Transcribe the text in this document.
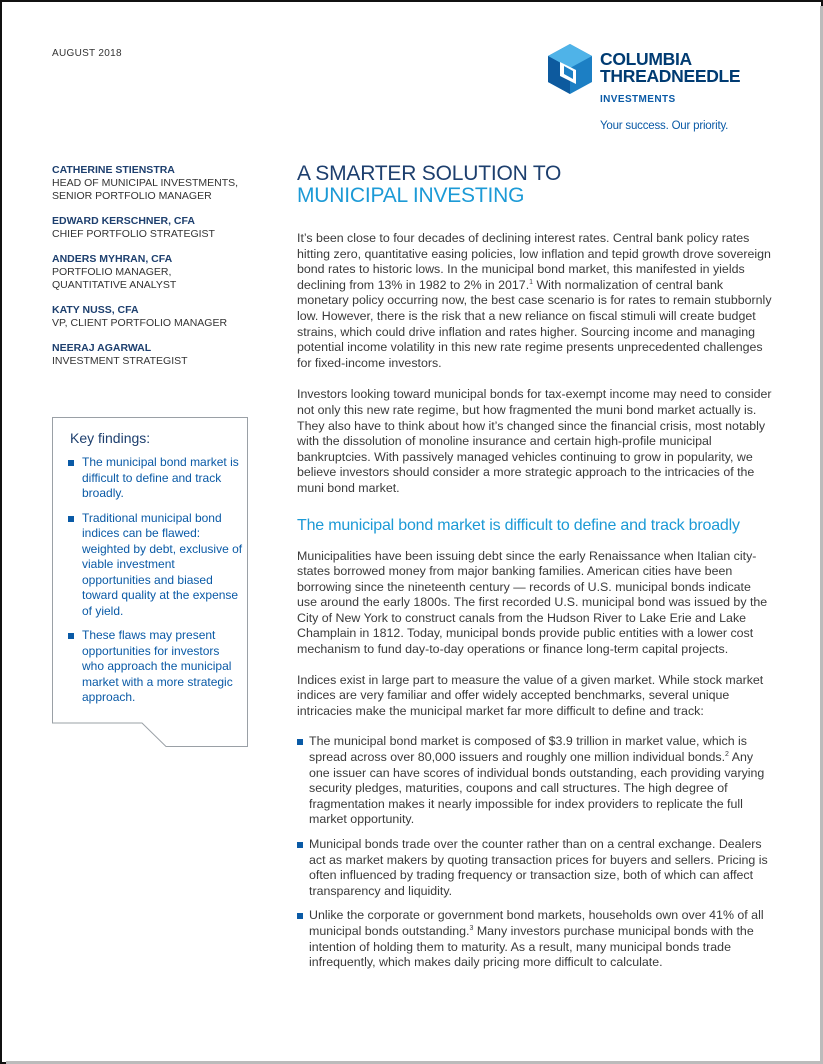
AUGUST 2018	COLUMBIA
THREADNEEDLE
INVESTMENTS
Your success. Our priority.
CATHERINE STIENSTRA
HEAD OF MUNICIPAL INVESTMENTS,
SENIOR PORTFOLIO MANAGER
EDWARD KERSCHNER, CFA
CHIEF PORTFOLIO STRATEGIST
ANDERS MYHRAN, CFA
PORTFOLIO MANAGER,
QUANTITATIVE ANALYST
KATY NUSS, CFA
VP, CLIENT PORTFOLIO MANAGER
NEERAJ AGARWAL
INVESTMENT STRATEGIST
Key findings:
The municipal bond market is difficult to define and track broadly.
Traditional municipal bond indices can be flawed: weighted by debt, exclusive of viable investment opportunities and biased toward quality at the expense of yield.
These flaws may present opportunities for investors who approach the municipal market with a more strategic approach.
A SMARTER SOLUTION TO
MUNICIPAL INVESTING

It’s been close to four decades of declining interest rates. Central bank policy rates hitting zero, quantitative easing policies, low inflation and tepid growth drove sovereign bond rates to historic lows. In the municipal bond market, this manifested in yields declining from 13% in 1982 to 2% in 2017.$^1$ With normalization of central bank monetary policy occurring now, the best case scenario is for rates to remain stubbornly low. However, there is the risk that a new reliance on fiscal stimuli will create budget strains, which could drive inflation and rates higher. Sourcing income and managing potential income volatility in this new rate regime presents unprecedented challenges for fixed-income investors.

Investors looking toward municipal bonds for tax-exempt income may need to consider not only this new rate regime, but how fragmented the muni bond market actually is. They also have to think about how it’s changed since the financial crisis, most notably with the dissolution of monoline insurance and certain high-profile municipal bankruptcies. With passively managed vehicles continuing to grow in popularity, we believe investors should consider a more strategic approach to the intricacies of the muni bond market.

The municipal bond market is difficult to define and track broadly

Municipalities have been issuing debt since the early Renaissance when Italian city-states borrowed money from major banking families. American cities have been borrowing since the nineteenth century — records of U.S. municipal bonds indicate use around the early 1800s. The first recorded U.S. municipal bond was issued by the City of New York to construct canals from the Hudson River to Lake Erie and Lake Champlain in 1812. Today, municipal bonds provide public entities with a lower cost mechanism to fund day-to-day operations or finance long-term capital projects.

Indices exist in large part to measure the value of a given market. While stock market indices are very familiar and offer widely accepted benchmarks, several unique intricacies make the municipal market far more difficult to define and track:

The municipal bond market is composed of $3.9 trillion in market value, which is spread across over 80,000 issuers and roughly one million individual bonds.$^2$ Any one issuer can have scores of individual bonds outstanding, each providing varying security pledges, maturities, coupons and call structures. The high degree of fragmentation makes it nearly impossible for index providers to replicate the full market opportunity.
Municipal bonds trade over the counter rather than on a central exchange. Dealers act as market makers by quoting transaction prices for buyers and sellers. Pricing is often influenced by trading frequency or transaction size, both of which can affect transparency and liquidity.
Unlike the corporate or government bond markets, households own over 41% of all municipal bonds outstanding.$^3$ Many investors purchase municipal bonds with the intention of holding them to maturity. As a result, many municipal bonds trade infrequently, which makes daily pricing more difficult to calculate.
